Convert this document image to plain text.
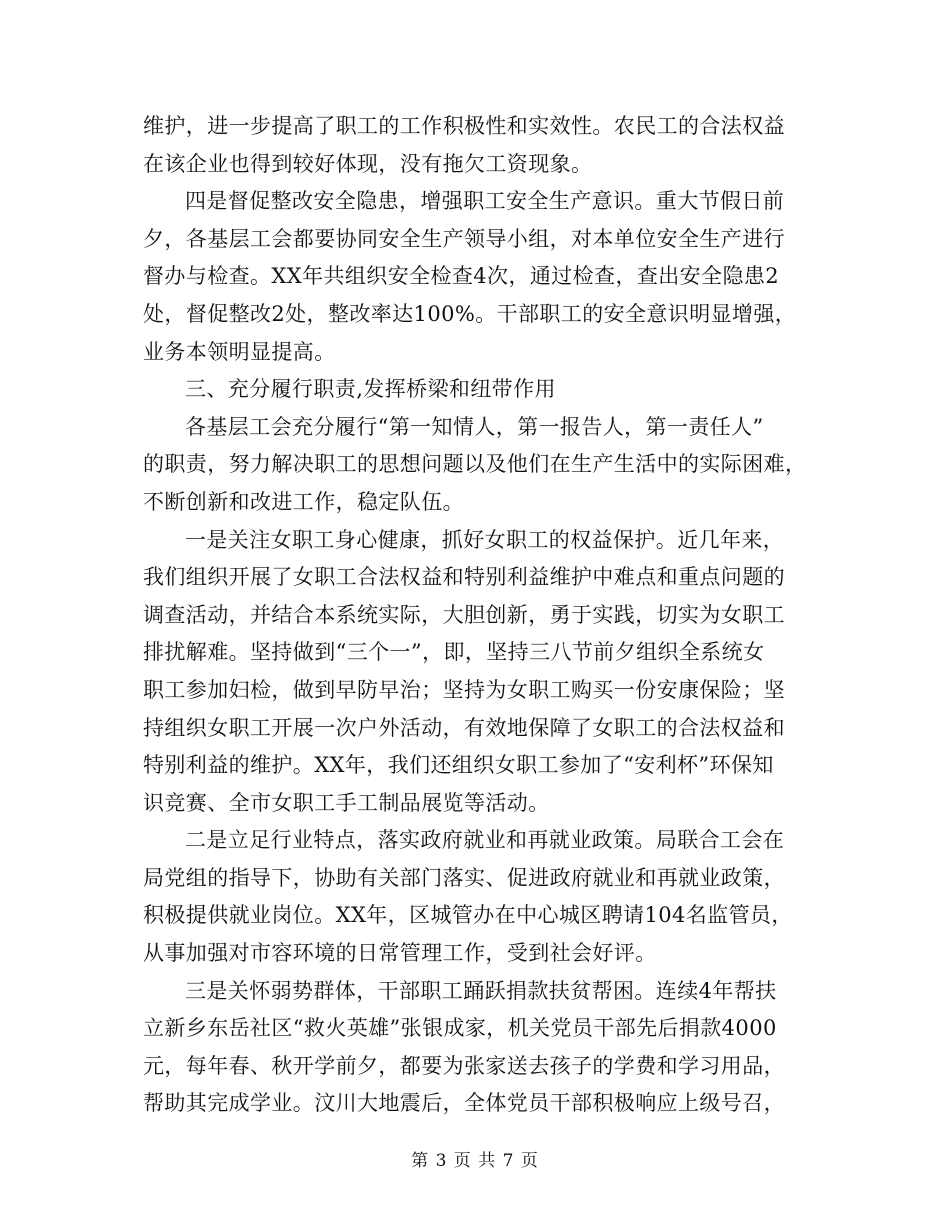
维护，进一步提高了职工的工作积极性和实效性。农民工的合法权益
在该企业也得到较好体现，没有拖欠工资现象。
四是督促整改安全隐患，增强职工安全生产意识。重大节假日前
夕，各基层工会都要协同安全生产领导小组，对本单位安全生产进行
督办与检查。XX年共组织安全检查4次，通过检查，查出安全隐患2
处，督促整改2处，整改率达100%。干部职工的安全意识明显增强，
业务本领明显提高。
三、充分履行职责,发挥桥梁和纽带作用
各基层工会充分履行“第一知情人，第一报告人，第一责任人”
的职责，努力解决职工的思想问题以及他们在生产生活中的实际困难，
不断创新和改进工作，稳定队伍。
一是关注女职工身心健康，抓好女职工的权益保护。近几年来，
我们组织开展了女职工合法权益和特别利益维护中难点和重点问题的
调查活动，并结合本系统实际，大胆创新，勇于实践，切实为女职工
排扰解难。坚持做到“三个一”，即，坚持三八节前夕组织全系统女
职工参加妇检，做到早防早治；坚持为女职工购买一份安康保险；坚
持组织女职工开展一次户外活动，有效地保障了女职工的合法权益和
特别利益的维护。XX年，我们还组织女职工参加了“安利杯”环保知
识竞赛、全市女职工手工制品展览等活动。
二是立足行业特点，落实政府就业和再就业政策。局联合工会在
局党组的指导下，协助有关部门落实、促进政府就业和再就业政策，
积极提供就业岗位。XX年，区城管办在中心城区聘请104名监管员，
从事加强对市容环境的日常管理工作，受到社会好评。
三是关怀弱势群体，干部职工踊跃捐款扶贫帮困。连续4年帮扶
立新乡东岳社区“救火英雄”张银成家，机关党员干部先后捐款4000
元，每年春、秋开学前夕，都要为张家送去孩子的学费和学习用品，
帮助其完成学业。汶川大地震后，全体党员干部积极响应上级号召，
第 3 页 共 7 页
